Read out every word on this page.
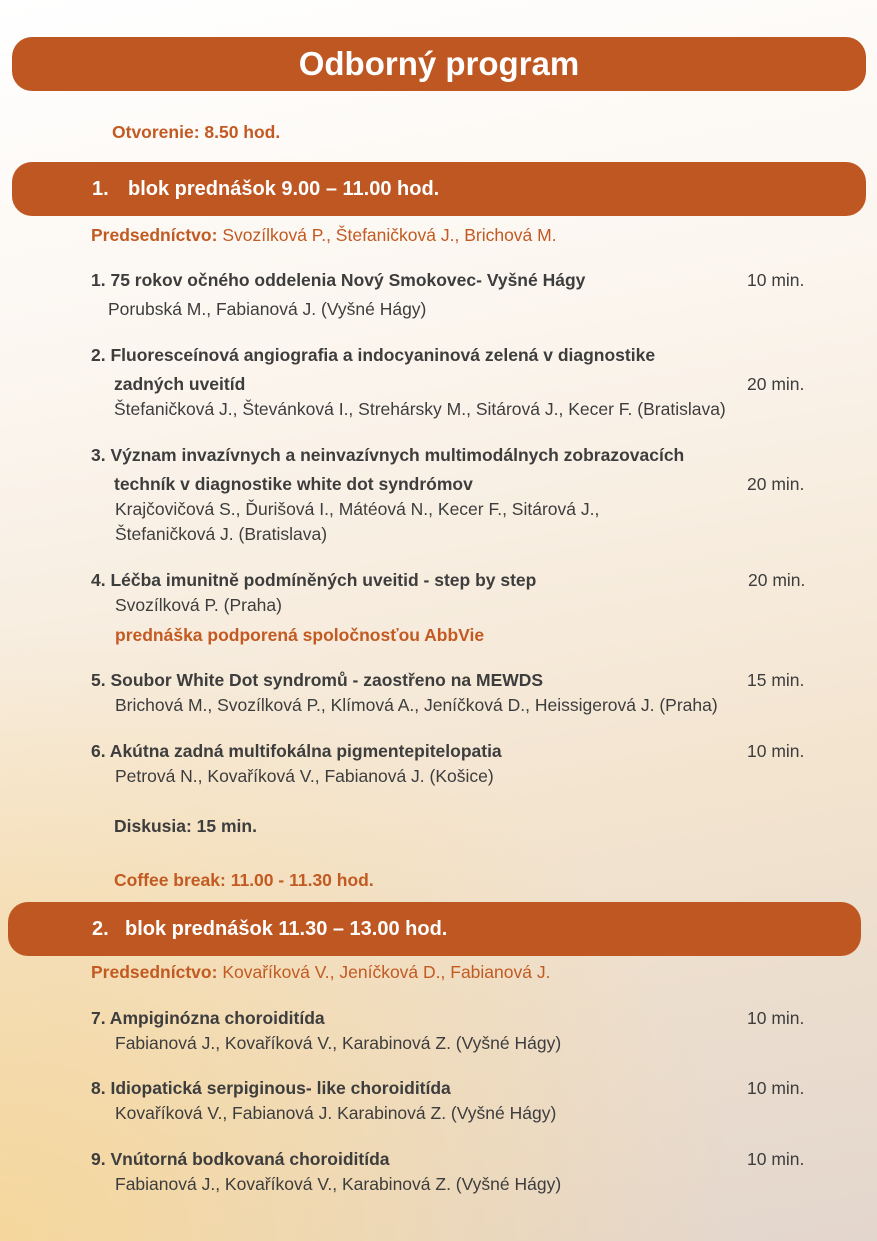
Odborný program
Otvorenie: 8.50 hod.
1. blok prednášok 9.00 – 11.00 hod.
Predsedníctvo: Svozílková P., Štefaničková J., Brichová M.
1. 75 rokov očného oddelenia Nový Smokovec- Vyšné Hágy	10 min.
Porubská M., Fabianová J. (Vyšné Hágy)
2. Fluoresceínová angiografia a indocyaninová zelená v diagnostike
zadných uveitíd	20 min.
Štefaničková J., Števánková I., Strehársky M., Sitárová J., Kecer F. (Bratislava)
3. Význam invazívnych a neinvazívnych multimodálnych zobrazovacích
techník v diagnostike white dot syndrómov	20 min.
Krajčovičová S., Ďurišová I., Mátéová N., Kecer F., Sitárová J.,
Štefaničková J. (Bratislava)
4. Léčba imunitně podmíněných uveitid - step by step	20 min.
Svozílková P. (Praha)
prednáška podporená spoločnosťou AbbVie
5. Soubor White Dot syndromů - zaostřeno na MEWDS	15 min.
Brichová M., Svozílková P., Klímová A., Jeníčková D., Heissigerová J. (Praha)
6. Akútna zadná multifokálna pigmentepitelopatia	10 min.
Petrová N., Kovaříková V., Fabianová J. (Košice)
Diskusia: 15 min.
Coffee break: 11.00 - 11.30 hod.
2. blok prednášok 11.30 – 13.00 hod.
Predsedníctvo: Kovaříková V., Jeníčková D., Fabianová J.
7. Ampiginózna choroiditída	10 min.
Fabianová J., Kovaříková V., Karabinová Z. (Vyšné Hágy)
8. Idiopatická serpiginous- like choroiditída	10 min.
Kovaříková V., Fabianová J. Karabinová Z. (Vyšné Hágy)
9. Vnútorná bodkovaná choroiditída	10 min.
Fabianová J., Kovaříková V., Karabinová Z. (Vyšné Hágy)
